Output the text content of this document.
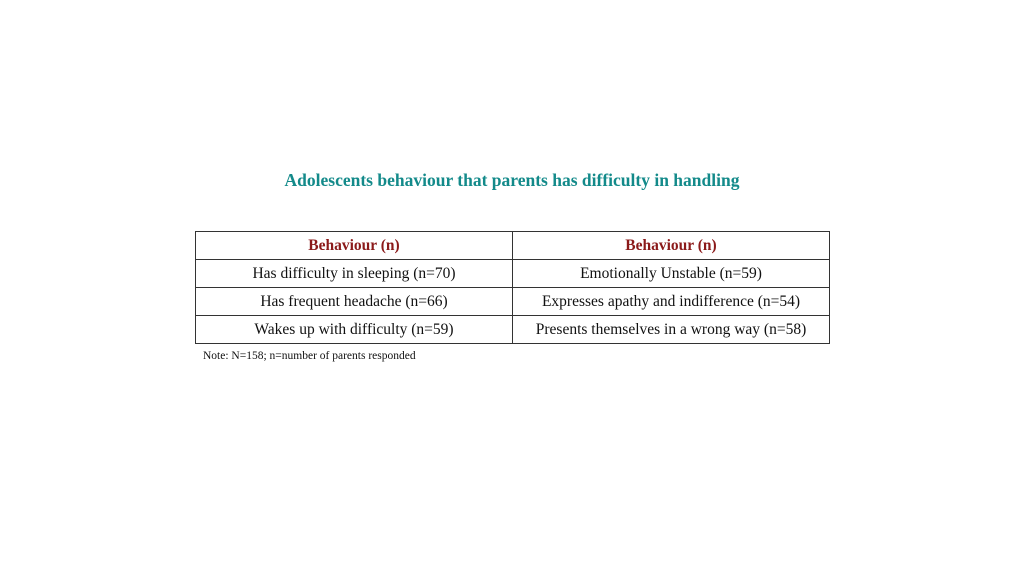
Adolescents behaviour that parents has difficulty in handling
Behaviour (n)	Behaviour (n)
Has difficulty in sleeping (n=70)	Emotionally Unstable (n=59)
Has frequent headache (n=66)	Expresses apathy and indifference (n=54)
Wakes up with difficulty (n=59)	Presents themselves in a wrong way (n=58)
Note: N=158; n=number of parents responded
